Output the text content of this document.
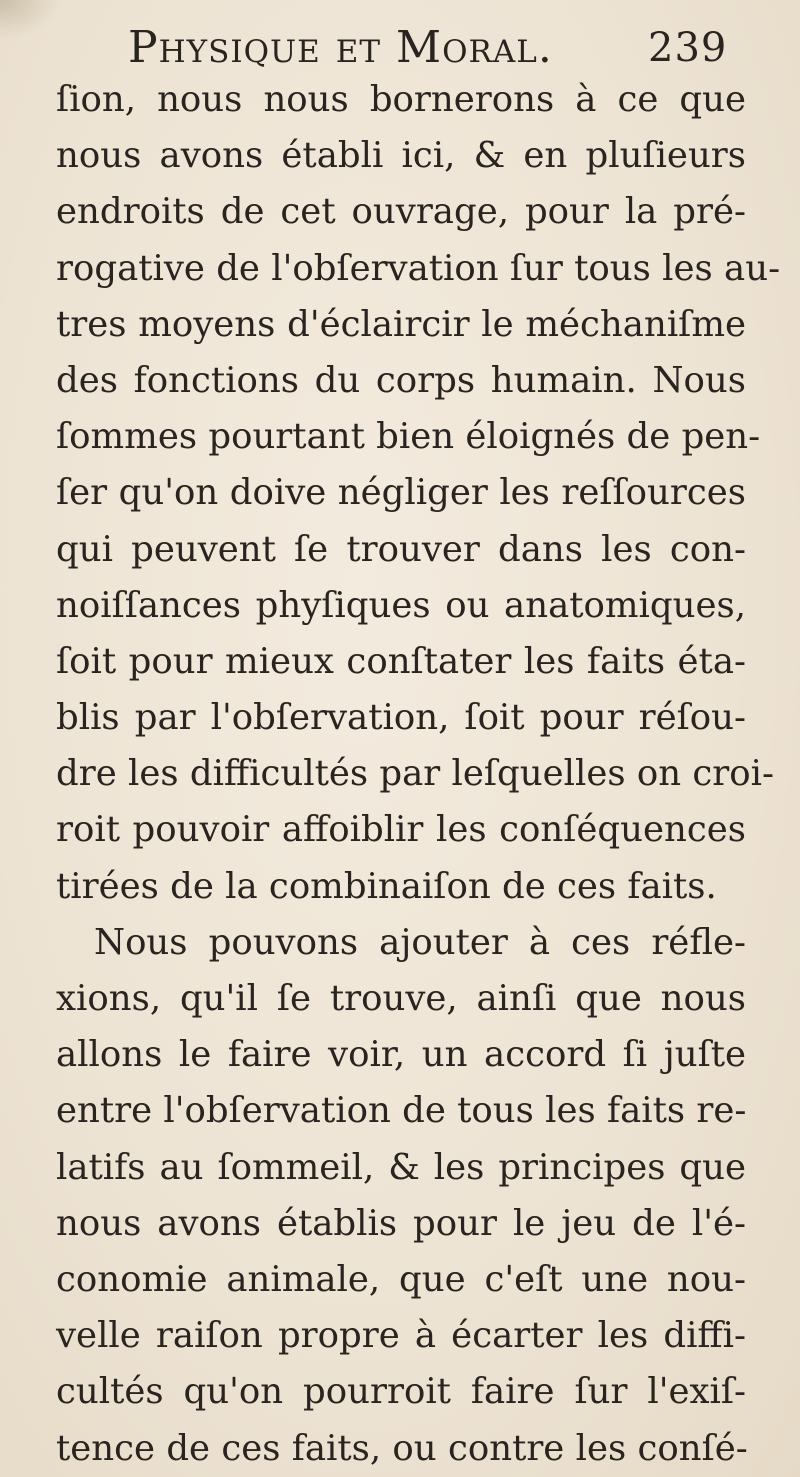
Physique et Moral. 239
ſion, nous nous bornerons à ce que
nous avons établi ici, & en pluſieurs
endroits de cet ouvrage, pour la pré-
rogative de l'obſervation ſur tous les au-
tres moyens d'éclaircir le méchaniſme
des fonctions du corps humain. Nous
ſommes pourtant bien éloignés de pen-
ſer qu'on doive négliger les reſſources
qui peuvent ſe trouver dans les con-
noiſſances phyſiques ou anatomiques,
ſoit pour mieux conſtater les faits éta-
blis par l'obſervation, ſoit pour réſou-
dre les difficultés par leſquelles on croi-
roit pouvoir affoiblir les conſéquences
tirées de la combinaiſon de ces faits.
Nous pouvons ajouter à ces réfle-
xions, qu'il ſe trouve, ainſi que nous
allons le faire voir, un accord ſi juſte
entre l'obſervation de tous les faits re-
latifs au ſommeil, & les principes que
nous avons établis pour le jeu de l'é-
conomie animale, que c'eſt une nou-
velle raiſon propre à écarter les diffi-
cultés qu'on pourroit faire ſur l'exiſ-
tence de ces faits, ou contre les conſé-
